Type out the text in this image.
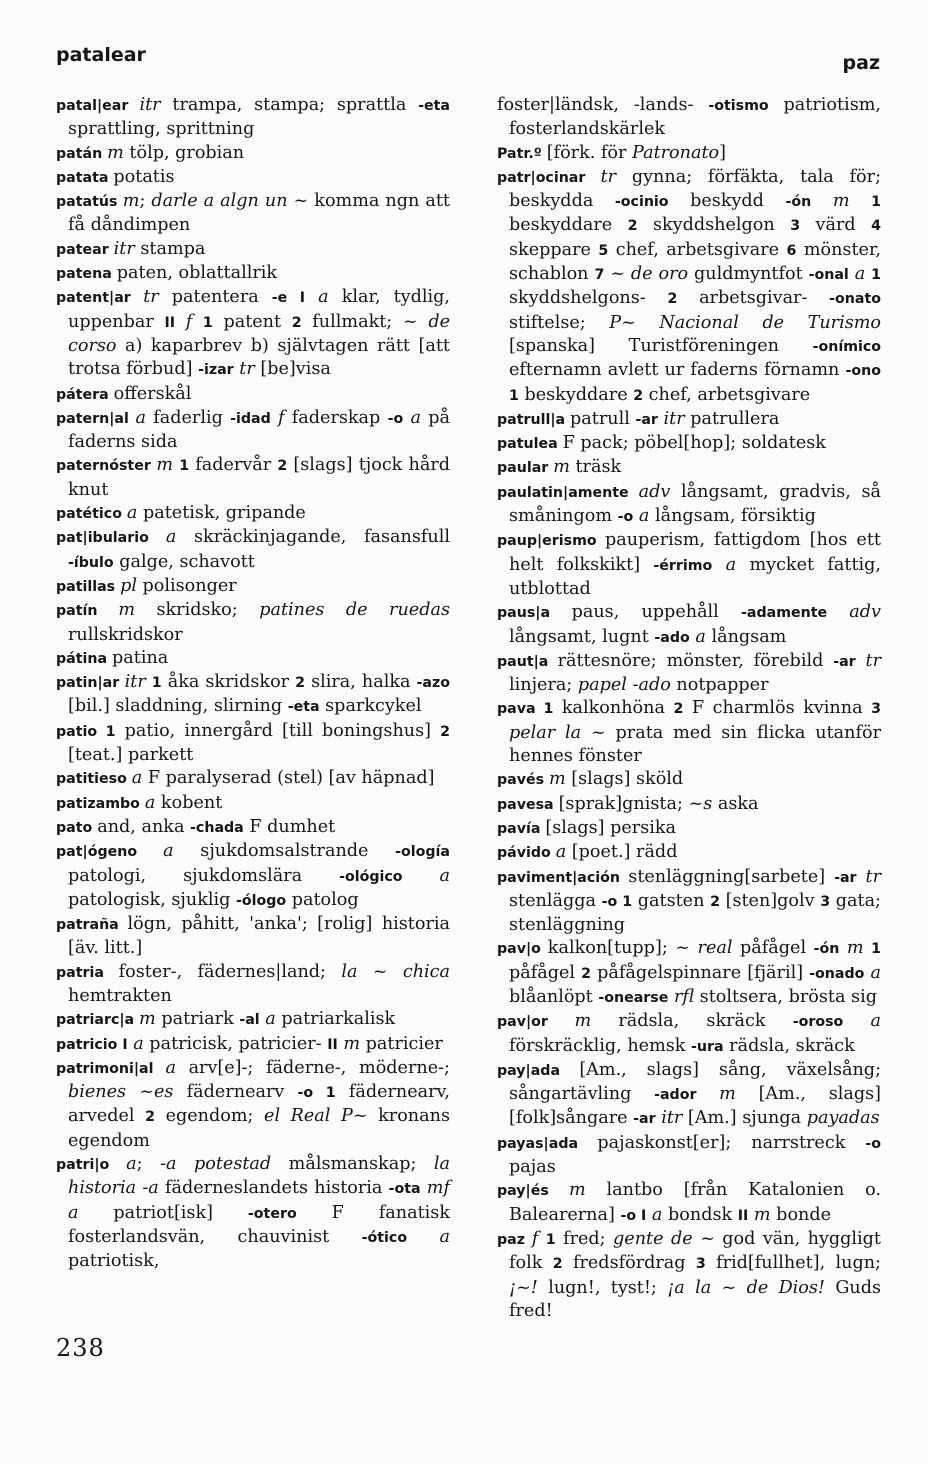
patalear	paz

patal|ear itr trampa, stampa; sprattla -eta sprattling, sprittning

patán m tölp, grobian

patata potatis

patatús m; darle a algn un ~ komma ngn att få dåndimpen

patear itr stampa

patena paten, oblattallrik

patent|ar tr patentera -e I a klar, tydlig, uppenbar II f 1 patent 2 fullmakt; ~ de corso a) kaparbrev b) självtagen rätt [att trotsa förbud] -izar tr [be]visa

pátera offerskål

patern|al a faderlig -idad f faderskap -o a på faderns sida

paternóster m 1 fadervår 2 [slags] tjock hård knut

patético a patetisk, gripande

pat|ibulario a skräckinjagande, fasansfull -íbulo galge, schavott

patillas pl polisonger

patín m skridsko; patines de ruedas rullskridskor

pátina patina

patin|ar itr 1 åka skridskor 2 slira, halka -azo [bil.] sladdning, slirning -eta sparkcykel

patio 1 patio, innergård [till boningshus] 2 [teat.] parkett

patitieso a F paralyserad (stel) [av häpnad]

patizambo a kobent

pato and, anka -chada F dumhet

pat|ógeno a sjukdomsalstrande -ología patologi, sjukdomslära -ológico a patologisk, sjuklig -ólogo patolog

patraña lögn, påhitt, 'anka'; [rolig] historia [äv. litt.]

patria foster-, fädernes|land; la ~ chica hemtrakten

patriarc|a m patriark -al a patriarkalisk

patricio I a patricisk, patricier- II m patricier

patrimoni|al a arv[e]-; fäderne-, möderne-; bienes ~es fädernearv -o 1 fädernearv, arvedel 2 egendom; el Real P~ kronans egendom

patri|o a; -a potestad målsmanskap; la historia -a fäderneslandets historia -ota mf a patriot[isk] -otero F fanatisk fosterlandsvän, chauvinist -ótico a patriotisk,

foster|ländsk, -lands- -otismo patriotism, fosterlandskärlek

Patr.º [förk. för Patronato]

patr|ocinar tr gynna; förfäkta, tala för; beskydda -ocinio beskydd -ón m 1 beskyddare 2 skyddshelgon 3 värd 4 skeppare 5 chef, arbetsgivare 6 mönster, schablon 7 ~ de oro guldmyntfot -onal a 1 skyddshelgons- 2 arbetsgivar- -onato stiftelse; P~ Nacional de Turismo [spanska] Turistföreningen -onímico efternamn avlett ur faderns förnamn -ono 1 beskyddare 2 chef, arbetsgivare

patrull|a patrull -ar itr patrullera

patulea F pack; pöbel[hop]; soldatesk

paular m träsk

paulatin|amente adv långsamt, gradvis, så småningom -o a långsam, försiktig

paup|erismo pauperism, fattigdom [hos ett helt folkskikt] -érrimo a mycket fattig, utblottad

paus|a paus, uppehåll -adamente adv långsamt, lugnt -ado a långsam

paut|a rättesnöre; mönster, förebild -ar tr linjera; papel -ado notpapper

pava 1 kalkonhöna 2 F charmlös kvinna 3 pelar la ~ prata med sin flicka utanför hennes fönster

pavés m [slags] sköld

pavesa [sprak]gnista; ~s aska

pavía [slags] persika

pávido a [poet.] rädd

paviment|ación stenläggning[sarbete] -ar tr stenlägga -o 1 gatsten 2 [sten]golv 3 gata; stenläggning

pav|o kalkon[tupp]; ~ real påfågel -ón m 1 påfågel 2 påfågelspinnare [fjäril] -onado a blåanlöpt -onearse rfl stoltsera, brösta sig

pav|or m rädsla, skräck -oroso a förskräcklig, hemsk -ura rädsla, skräck

pay|ada [Am., slags] sång, växelsång; sångartävling -ador m [Am., slags] [folk]sångare -ar itr [Am.] sjunga payadas

payas|ada pajaskonst[er]; narrstreck -o pajas

pay|és m lantbo [från Katalonien o. Balearerna] -o I a bondsk II m bonde

paz f 1 fred; gente de ~ god vän, hyggligt folk 2 fredsfördrag 3 frid[fullhet], lugn; ¡~! lugn!, tyst!; ¡a la ~ de Dios! Guds fred!

238
